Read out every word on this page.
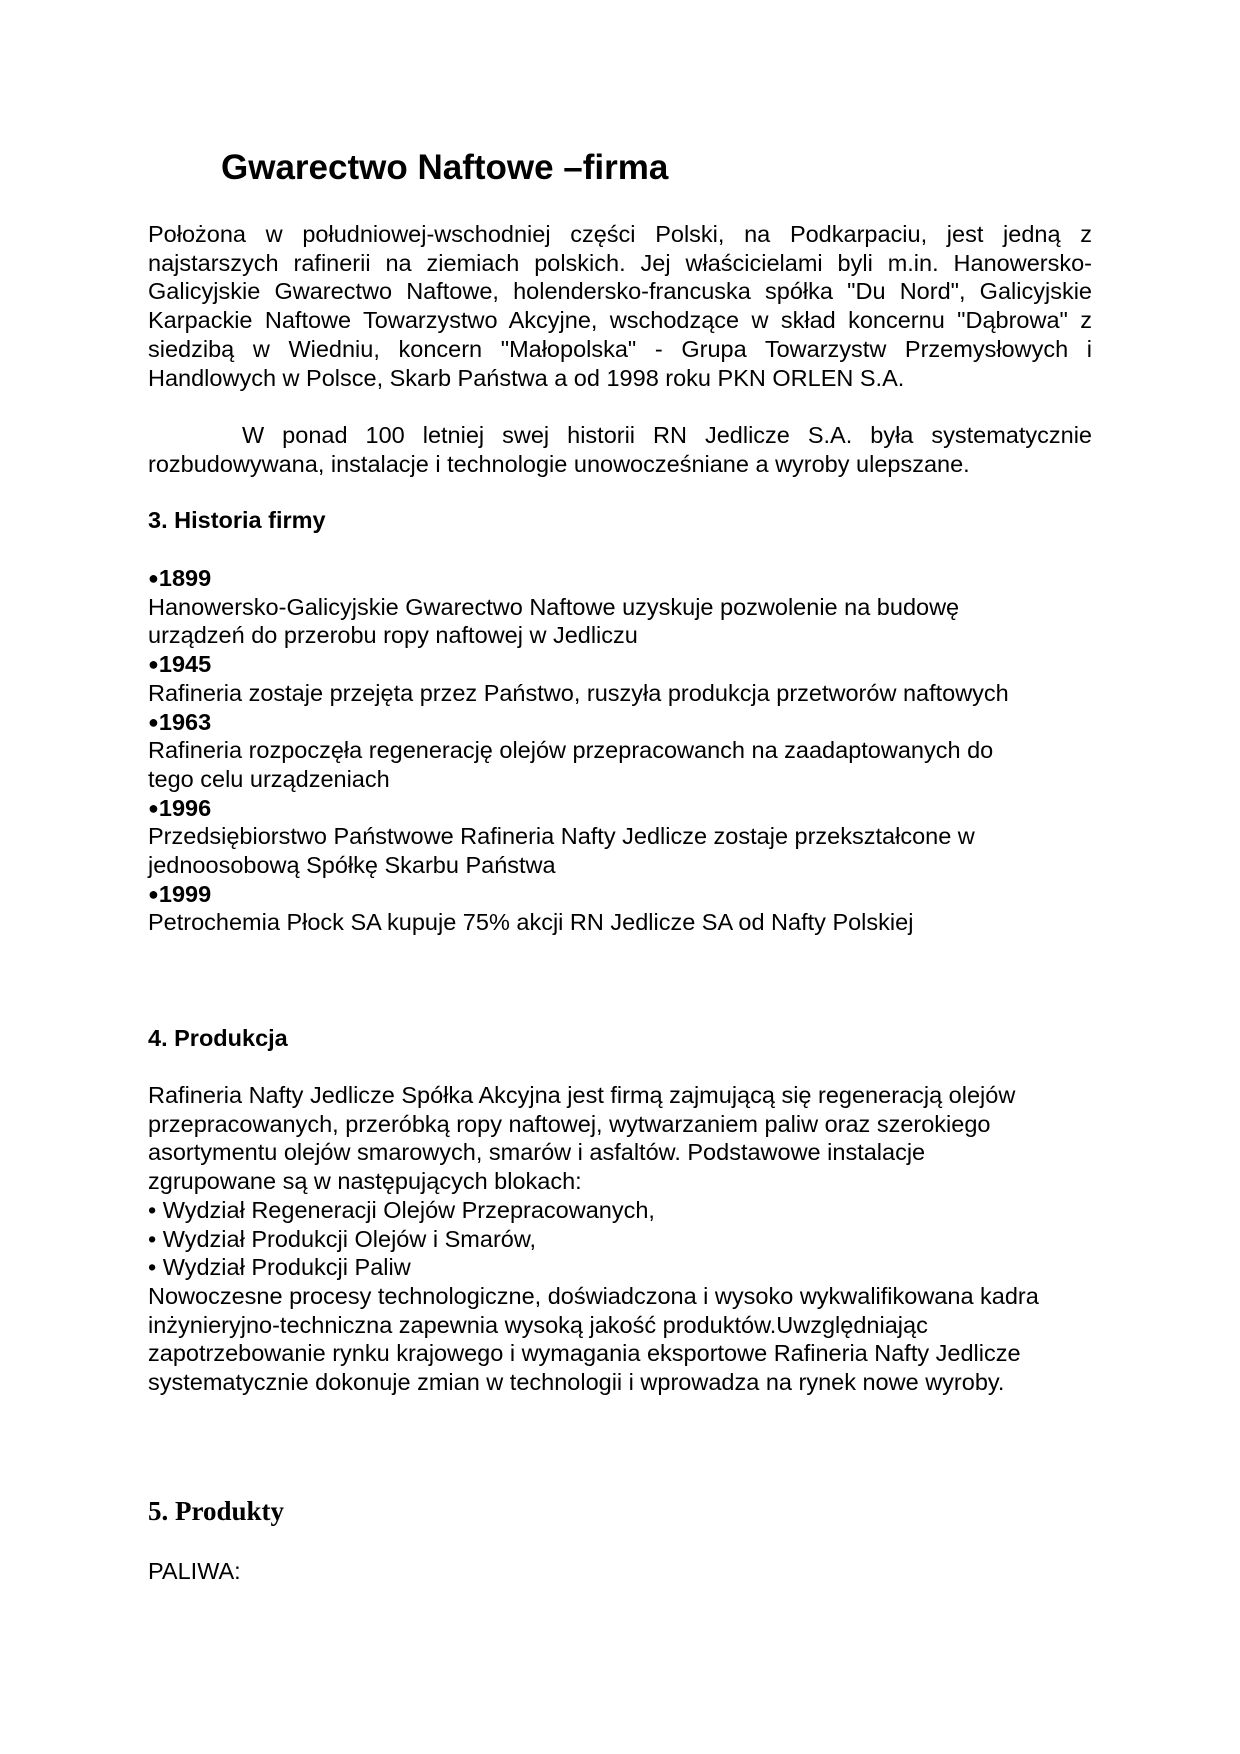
Gwarectwo Naftowe –firma
Położona w południowej-wschodniej części Polski, na Podkarpaciu, jest jedną z najstarszych rafinerii na ziemiach polskich. Jej właścicielami byli m.in. Hanowersko-Galicyjskie Gwarectwo Naftowe, holendersko-francuska spółka "Du Nord", Galicyjskie Karpackie Naftowe Towarzystwo Akcyjne, wschodzące w skład koncernu "Dąbrowa" z siedzibą w Wiedniu, koncern "Małopolska" - Grupa Towarzystw Przemysłowych i Handlowych w Polsce, Skarb Państwa a od 1998 roku PKN ORLEN S.A.
W ponad 100 letniej swej historii RN Jedlicze S.A. była systematycznie rozbudowywana, instalacje i technologie unowocześniane a wyroby ulepszane.
3. Historia firmy
●1899
Hanowersko-Galicyjskie Gwarectwo Naftowe uzyskuje pozwolenie na budowę
urządzeń do przerobu ropy naftowej w Jedliczu
●1945
Rafineria zostaje przejęta przez Państwo, ruszyła produkcja przetworów naftowych
●1963
Rafineria rozpoczęła regenerację olejów przepracowanch na zaadaptowanych do
tego celu urządzeniach
●1996
Przedsiębiorstwo Państwowe Rafineria Nafty Jedlicze zostaje przekształcone w
jednoosobową Spółkę Skarbu Państwa
●1999
Petrochemia Płock SA kupuje 75% akcji RN Jedlicze SA od Nafty Polskiej
4. Produkcja
Rafineria Nafty Jedlicze Spółka Akcyjna jest firmą zajmującą się regeneracją olejów
przepracowanych, przeróbką ropy naftowej, wytwarzaniem paliw oraz szerokiego
asortymentu olejów smarowych, smarów i asfaltów. Podstawowe instalacje
zgrupowane są w następujących blokach:
• Wydział Regeneracji Olejów Przepracowanych,
• Wydział Produkcji Olejów i Smarów,
• Wydział Produkcji Paliw
Nowoczesne procesy technologiczne, doświadczona i wysoko wykwalifikowana kadra
inżynieryjno-techniczna zapewnia wysoką jakość produktów.Uwzględniając
zapotrzebowanie rynku krajowego i wymagania eksportowe Rafineria Nafty Jedlicze
systematycznie dokonuje zmian w technologii i wprowadza na rynek nowe wyroby.
5. Produkty
PALIWA:
